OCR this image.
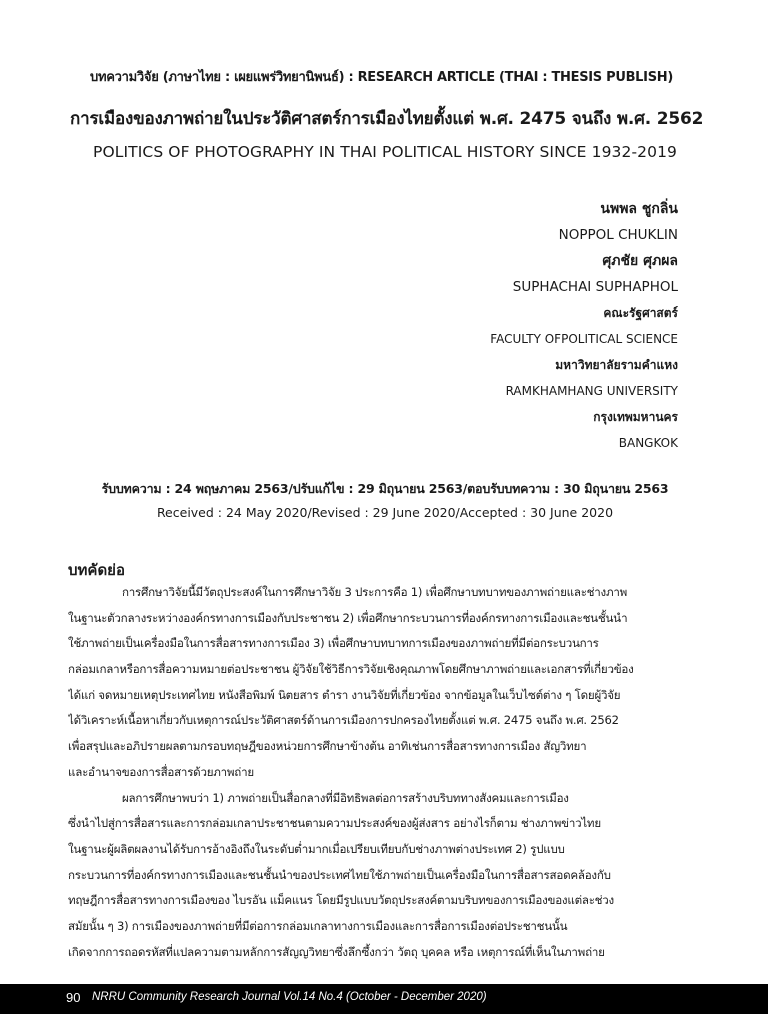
บทความวิจัย (ภาษาไทย : เผยแพร่วิทยานิพนธ์) : RESEARCH ARTICLE (THAI : THESIS PUBLISH)
การเมืองของภาพถ่ายในประวัติศาสตร์การเมืองไทยตั้งแต่ พ.ศ. 2475 จนถึง พ.ศ. 2562
POLITICS OF PHOTOGRAPHY IN THAI POLITICAL HISTORY SINCE 1932-2019
นพพล ชูกลิ่น
NOPPOL CHUKLIN
ศุภชัย ศุภผล
SUPHACHAI SUPHAPHOL
คณะรัฐศาสตร์
FACULTY OFPOLITICAL SCIENCE
มหาวิทยาลัยรามคำแหง
RAMKHAMHANG UNIVERSITY
กรุงเทพมหานคร
BANGKOK
รับบทความ : 24 พฤษภาคม 2563/ปรับแก้ไข : 29 มิถุนายน 2563/ตอบรับบทความ : 30 มิถุนายน 2563
Received : 24 May 2020/Revised : 29 June 2020/Accepted : 30 June 2020
บทคัดย่อ
การศึกษาวิจัยนี้มีวัตถุประสงค์ในการศึกษาวิจัย 3 ประการคือ 1) เพื่อศึกษาบทบาทของภาพถ่ายและช่างภาพ
ในฐานะตัวกลางระหว่างองค์กรทางการเมืองกับประชาชน 2) เพื่อศึกษากระบวนการที่องค์กรทางการเมืองและชนชั้นนำ
ใช้ภาพถ่ายเป็นเครื่องมือในการสื่อสารทางการเมือง 3) เพื่อศึกษาบทบาทการเมืองของภาพถ่ายที่มีต่อกระบวนการ
กล่อมเกลาหรือการสื่อความหมายต่อประชาชน ผู้วิจัยใช้วิธีการวิจัยเชิงคุณภาพโดยศึกษาภาพถ่ายและเอกสารที่เกี่ยวข้อง
ได้แก่ จดหมายเหตุประเทศไทย หนังสือพิมพ์ นิตยสาร ตำรา งานวิจัยที่เกี่ยวข้อง จากข้อมูลในเว็บไซต์ต่าง ๆ โดยผู้วิจัย
ได้วิเคราะห์เนื้อหาเกี่ยวกับเหตุการณ์ประวัติศาสตร์ด้านการเมืองการปกครองไทยตั้งแต่ พ.ศ. 2475 จนถึง พ.ศ. 2562
เพื่อสรุปและอภิปรายผลตามกรอบทฤษฎีของหน่วยการศึกษาข้างต้น อาทิเช่นการสื่อสารทางการเมือง สัญวิทยา
และอำนาจของการสื่อสารด้วยภาพถ่าย
ผลการศึกษาพบว่า 1) ภาพถ่ายเป็นสื่อกลางที่มีอิทธิพลต่อการสร้างบริบททางสังคมและการเมือง
ซึ่งนำไปสู่การสื่อสารและการกล่อมเกลาประชาชนตามความประสงค์ของผู้ส่งสาร อย่างไรก็ตาม ช่างภาพข่าวไทย
ในฐานะผู้ผลิตผลงานได้รับการอ้างอิงถึงในระดับต่ำมากเมื่อเปรียบเทียบกับช่างภาพต่างประเทศ 2) รูปแบบ
กระบวนการที่องค์กรทางการเมืองและชนชั้นนำของประเทศไทยใช้ภาพถ่ายเป็นเครื่องมือในการสื่อสารสอดคล้องกับ
ทฤษฎีการสื่อสารทางการเมืองของ ไบรอัน แม็คแนร โดยมีรูปแบบวัตถุประสงค์ตามบริบทของการเมืองของแต่ละช่วง
สมัยนั้น ๆ 3) การเมืองของภาพถ่ายที่มีต่อการกล่อมเกลาทางการเมืองและการสื่อการเมืองต่อประชาชนนั้น
เกิดจากการถอดรหัสที่แปลความตามหลักการสัญญวิทยาซึ่งลึกซึ้งกว่า วัตถุ บุคคล หรือ เหตุการณ์ที่เห็นในภาพถ่าย
90 NRRU Community Research Journal Vol.14 No.4 (October - December 2020)
